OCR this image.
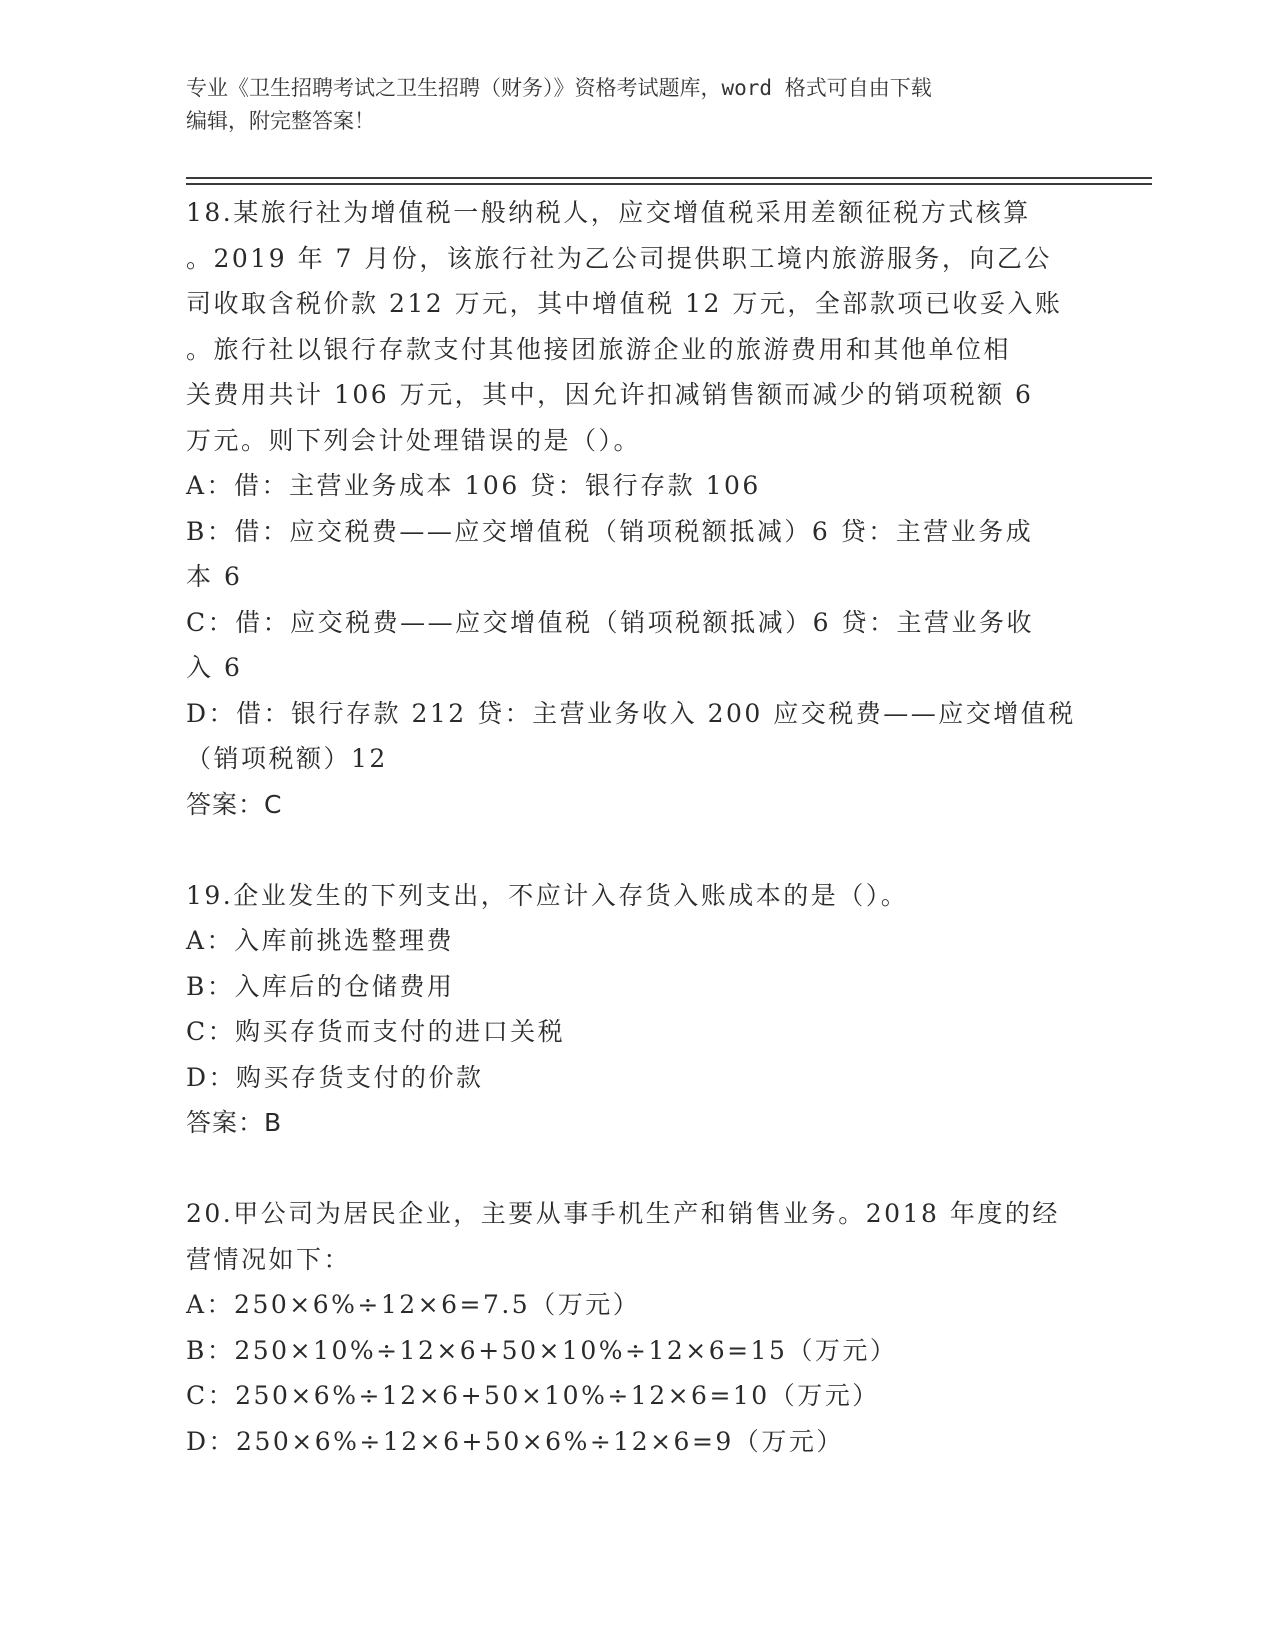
专业《卫生招聘考试之卫生招聘（财务）》资格考试题库，word 格式可自由下载
编辑，附完整答案！
18.某旅行社为增值税一般纳税人，应交增值税采用差额征税方式核算
。2019 年 7 月份，该旅行社为乙公司提供职工境内旅游服务，向乙公
司收取含税价款 212 万元，其中增值税 12 万元，全部款项已收妥入账
。旅行社以银行存款支付其他接团旅游企业的旅游费用和其他单位相
关费用共计 106 万元，其中，因允许扣减销售额而减少的销项税额 6
万元。则下列会计处理错误的是（）。
A：借：主营业务成本 106 贷：银行存款 106
B：借：应交税费——应交增值税（销项税额抵减）6 贷：主营业务成
本 6
C：借：应交税费——应交增值税（销项税额抵减）6 贷：主营业务收
入 6
D：借：银行存款 212 贷：主营业务收入 200 应交税费——应交增值税
（销项税额）12
答案：C
19.企业发生的下列支出，不应计入存货入账成本的是（）。
A：入库前挑选整理费
B：入库后的仓储费用
C：购买存货而支付的进口关税
D：购买存货支付的价款
答案：B
20.甲公司为居民企业，主要从事手机生产和销售业务。2018 年度的经
营情况如下：
A：250×6%÷12×6=7.5（万元）
B：250×10%÷12×6+50×10%÷12×6=15（万元）
C：250×6%÷12×6+50×10%÷12×6=10（万元）
D：250×6%÷12×6+50×6%÷12×6=9（万元）
